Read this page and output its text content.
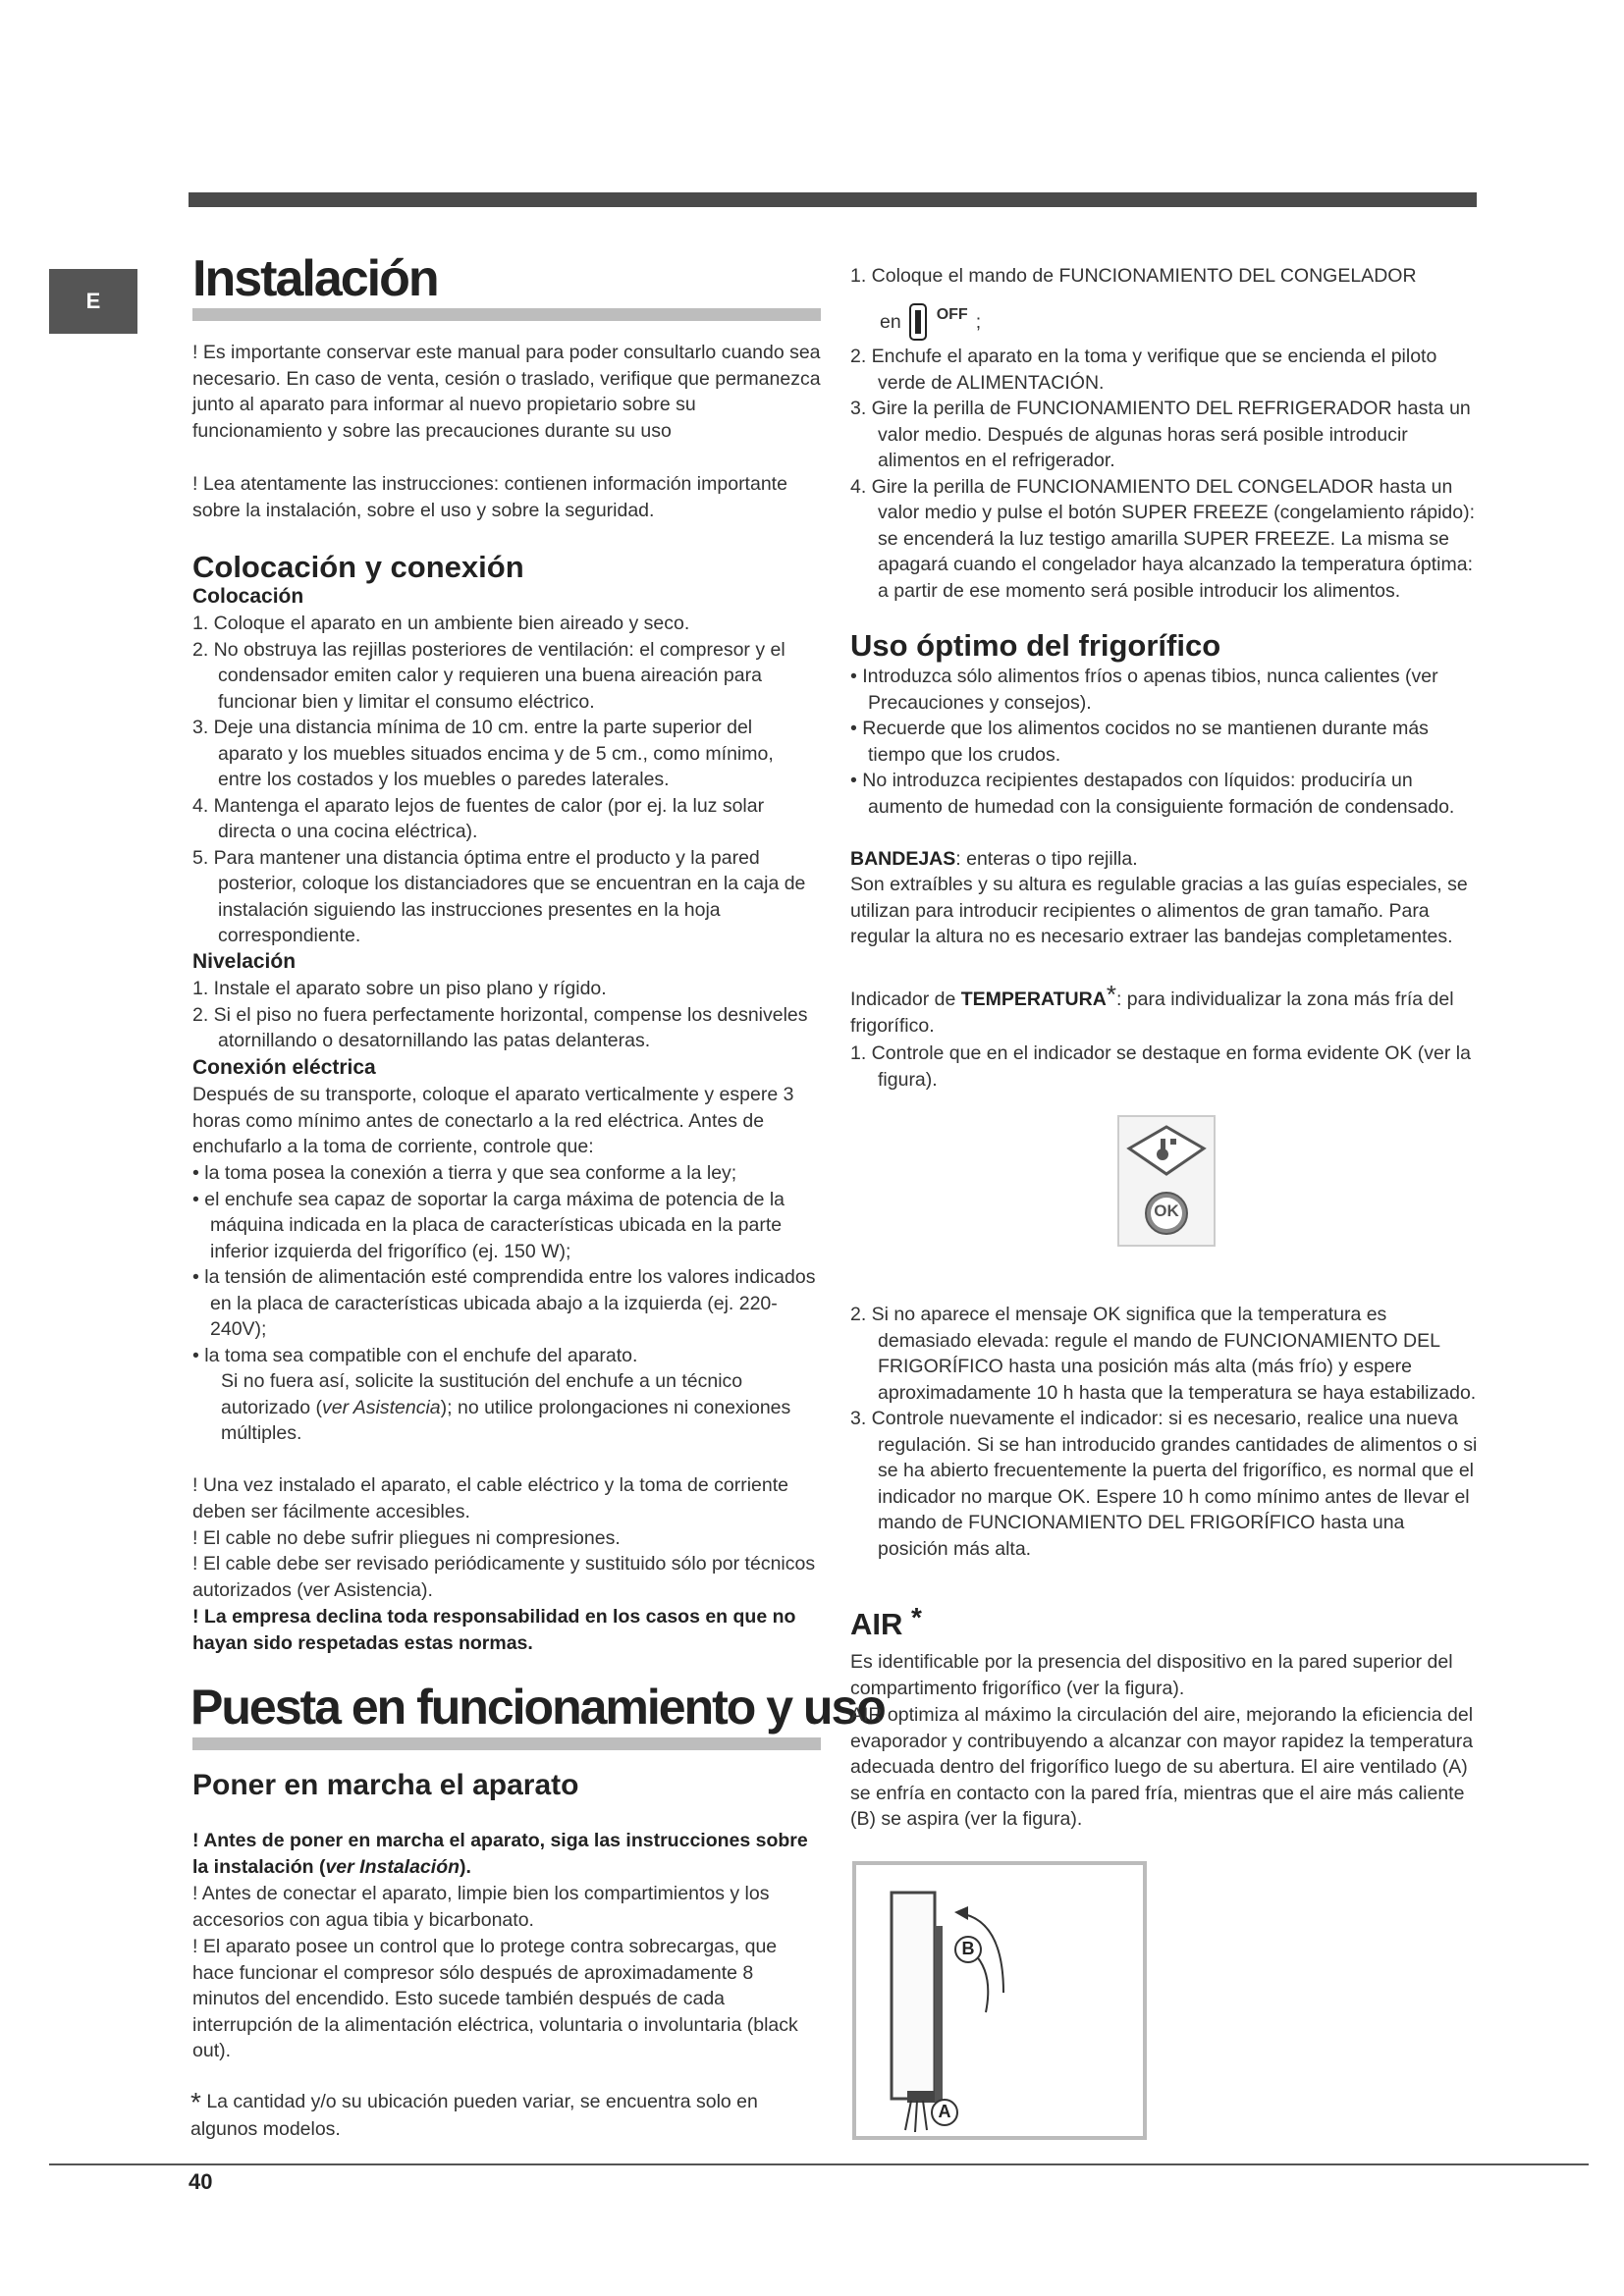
E	Instalación
! Es importante conservar este manual para poder consultarlo cuando sea necesario. En caso de venta, cesión o traslado, verifique que permanezca junto al aparato para informar al nuevo propietario sobre su funcionamiento y sobre las precauciones durante su uso
! Lea atentamente las instrucciones: contienen información importante sobre la instalación, sobre el uso y sobre la seguridad.
Colocación y conexión
Colocación
1. Coloque el aparato en un ambiente bien aireado y seco.
2. No obstruya las rejillas posteriores de ventilación: el compresor y el condensador emiten calor y requieren una buena aireación para funcionar bien y limitar el consumo eléctrico.
3. Deje una distancia mínima de 10 cm. entre la parte superior del aparato y los muebles situados encima y de 5 cm., como mínimo, entre los costados y los muebles o paredes laterales.
4. Mantenga el aparato lejos de fuentes de calor (por ej. la luz solar directa o una cocina eléctrica).
5. Para mantener una distancia óptima entre el producto y la pared posterior, coloque los distanciadores que se encuentran en la caja de instalación siguiendo las instrucciones presentes en la hoja correspondiente.
Nivelación
1. Instale el aparato sobre un piso plano y rígido.
2. Si el piso no fuera perfectamente horizontal, compense los desniveles atornillando o desatornillando las patas delanteras.
Conexión eléctrica
Después de su transporte, coloque el aparato verticalmente y espere 3 horas como mínimo antes de conectarlo a la red eléctrica. Antes de enchufarlo a la toma de corriente, controle que:
• la toma posea la conexión a tierra y que sea conforme a la ley;
• el enchufe sea capaz de soportar la carga máxima de potencia de la máquina indicada en la placa de características ubicada en la parte inferior izquierda del frigorífico (ej. 150 W);
• la tensión de alimentación esté comprendida entre los valores indicados en la placa de características ubicada abajo a la izquierda (ej. 220-240V);
• la toma sea compatible con el enchufe del aparato.
Si no fuera así, solicite la sustitución del enchufe a un técnico autorizado (ver Asistencia); no utilice prolongaciones ni conexiones múltiples.
! Una vez instalado el aparato, el cable eléctrico y la toma de corriente deben ser fácilmente accesibles.
! El cable no debe sufrir pliegues ni compresiones.
! El cable debe ser revisado periódicamente y sustituido sólo por técnicos autorizados (ver Asistencia).
! La empresa declina toda responsabilidad en los casos en que no hayan sido respetadas estas normas.
Puesta en funcionamiento y uso
Poner en marcha el aparato
! Antes de poner en marcha el aparato, siga las instrucciones sobre la instalación (ver Instalación).
! Antes de conectar el aparato, limpie bien los compartimientos y los accesorios con agua tibia y bicarbonato.
! El aparato posee un control que lo protege contra sobrecargas, que hace funcionar el compresor sólo después de aproximadamente 8 minutos del encendido. Esto sucede también después de cada interrupción de la alimentación eléctrica, voluntaria o involuntaria (black out).
* La cantidad y/o su ubicación pueden variar, se encuentra solo en algunos modelos.
1. Coloque el mando de FUNCIONAMIENTO DEL CONGELADOR
en OFF ;
2. Enchufe el aparato en la toma y verifique que se encienda el piloto verde de ALIMENTACIÓN.
3. Gire la perilla de FUNCIONAMIENTO DEL REFRIGERADOR hasta un valor medio. Después de algunas horas será posible introducir alimentos en el refrigerador.
4. Gire la perilla de FUNCIONAMIENTO DEL CONGELADOR hasta un valor medio y pulse el botón SUPER FREEZE (congelamiento rápido): se encenderá la luz testigo amarilla SUPER FREEZE. La misma se apagará cuando el congelador haya alcanzado la temperatura óptima: a partir de ese momento será posible introducir los alimentos.
Uso óptimo del frigorífico
• Introduzca sólo alimentos fríos o apenas tibios, nunca calientes (ver Precauciones y consejos).
• Recuerde que los alimentos cocidos no se mantienen durante más tiempo que los crudos.
• No introduzca recipientes destapados con líquidos: produciría un aumento de humedad con la consiguiente formación de condensado.
BANDEJAS: enteras o tipo rejilla.
Son extraíbles y su altura es regulable gracias a las guías especiales, se utilizan para introducir recipientes o alimentos de gran tamaño. Para regular la altura no es necesario extraer las bandejas completamentes.
Indicador de TEMPERATURA*: para individualizar la zona más fría del frigorífico.
1. Controle que en el indicador se destaque en forma evidente OK (ver la figura).
OK
2. Si no aparece el mensaje OK significa que la temperatura es demasiado elevada: regule el mando de FUNCIONAMIENTO DEL FRIGORÍFICO hasta una posición más alta (más frío) y espere aproximadamente 10 h hasta que la temperatura se haya estabilizado.
3. Controle nuevamente el indicador: si es necesario, realice una nueva regulación. Si se han introducido grandes cantidades de alimentos o si se ha abierto frecuentemente la puerta del frigorífico, es normal que el indicador no marque OK. Espere 10 h como mínimo antes de llevar el mando de FUNCIONAMIENTO DEL FRIGORÍFICO hasta una posición más alta.
AIR *
Es identificable por la presencia del dispositivo en la pared superior del compartimento frigorífico (ver la figura).
AIR optimiza al máximo la circulación del aire, mejorando la eficiencia del evaporador y contribuyendo a alcanzar con mayor rapidez la temperatura adecuada dentro del frigorífico luego de su abertura. El aire ventilado (A) se enfría en contacto con la pared fría, mientras que el aire más caliente (B) se aspira (ver la figura).
B
A
40
